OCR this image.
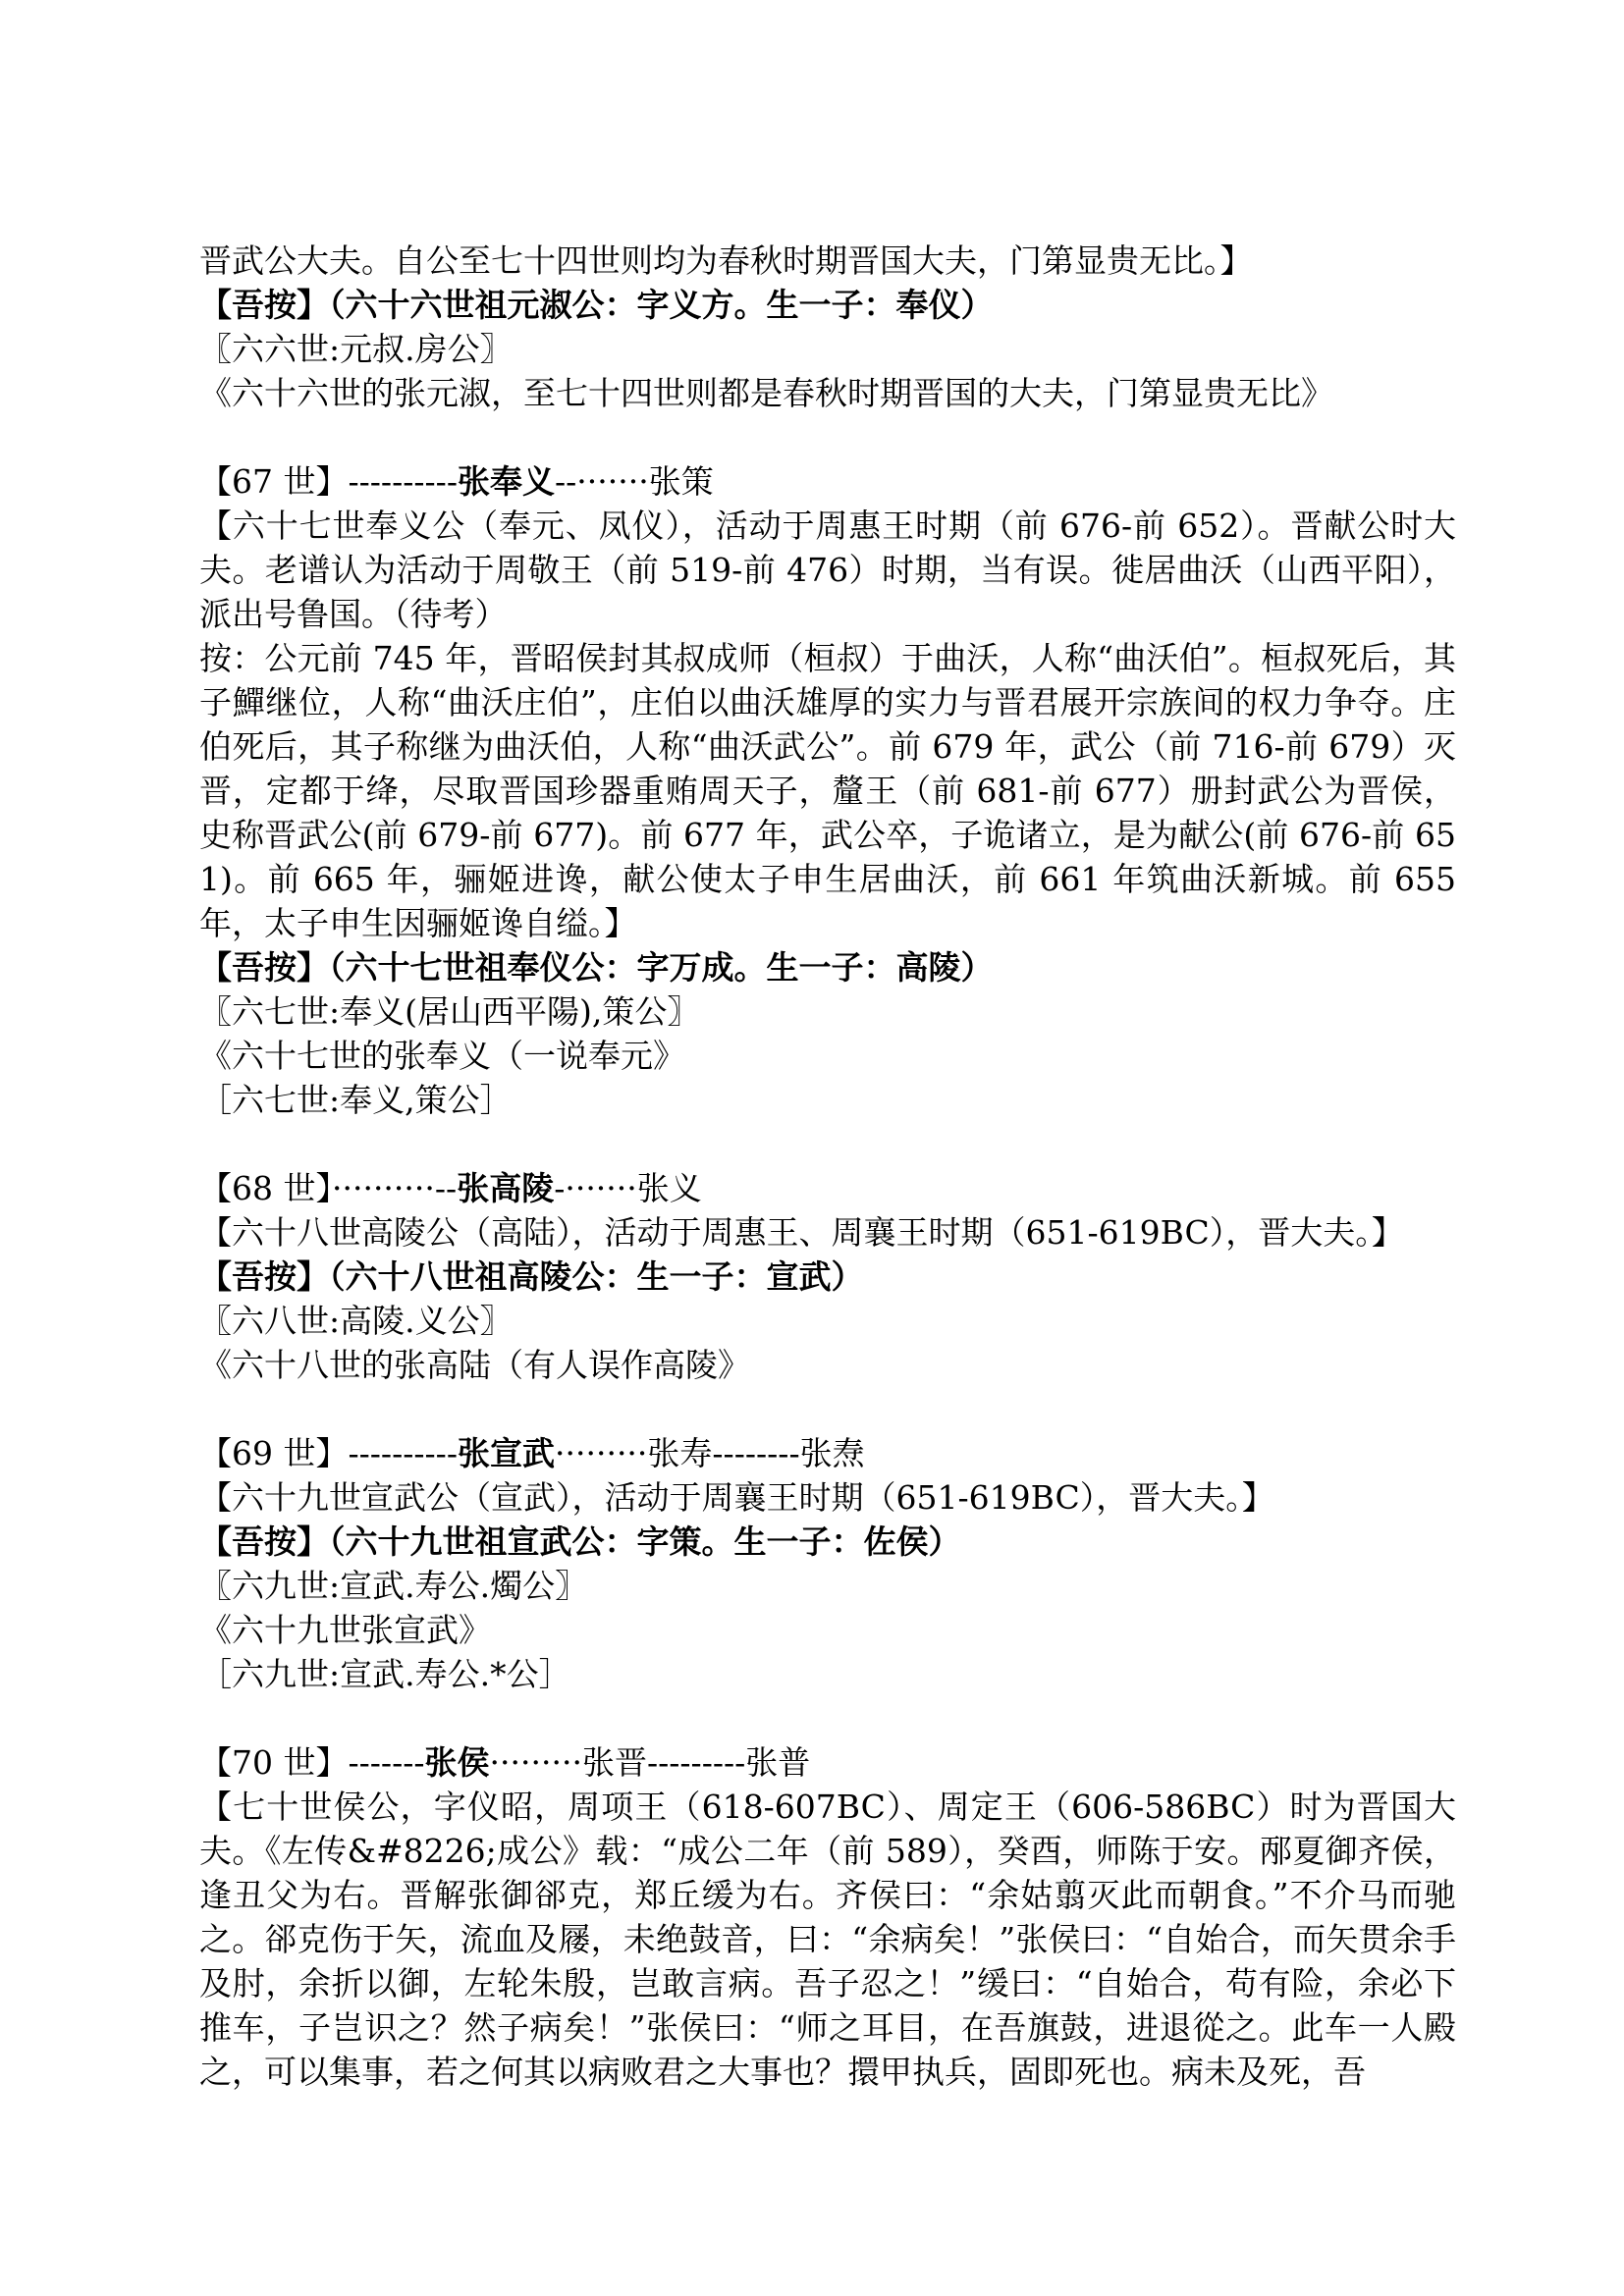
晋武公大夫。自公至七十四世则均为春秋时期晋国大夫，门第显贵无比。】
【吾按】（六十六世祖元淑公：字义方。生一子：奉仪）
〖六六世:元叔.房公〗
《六十六世的张元淑，至七十四世则都是春秋时期晋国的大夫，门第显贵无比》
【67 世】----------张奉义--·······张策
【六十七世奉义公（奉元、凤仪），活动于周惠王时期（前 676-前 652）。晋献公时大夫。老谱认为活动于周敬王（前 519-前 476）时期，当有误。徙居曲沃（山西平阳），派出号鲁国。（待考）
按：公元前 745 年，晋昭侯封其叔成师（桓叔）于曲沃，人称“曲沃伯”。桓叔死后，其子鱓继位，人称“曲沃庄伯”，庄伯以曲沃雄厚的实力与晋君展开宗族间的权力争夺。庄伯死后，其子称继为曲沃伯，人称“曲沃武公”。前 679 年，武公（前 716-前 679）灭晋，定都于绛，尽取晋国珍器重贿周天子，釐王（前 681-前 677）册封武公为晋侯，史称晋武公(前 679-前 677)。前 677 年，武公卒，子诡诸立，是为献公(前 676-前 651)。前 665 年，骊姬进谗，献公使太子申生居曲沃，前 661 年筑曲沃新城。前 655 年，太子申生因骊姬谗自缢。】
【吾按】（六十七世祖奉仪公：字万成。生一子：高陵）
〖六七世:奉义(居山西平陽),策公〗
《六十七世的张奉义（一说奉元》
［六七世:奉义,策公］
【68 世】··········--张高陵-·······张义
【六十八世高陵公（高陆），活动于周惠王、周襄王时期（651-619BC），晋大夫。】
【吾按】（六十八世祖高陵公：生一子：宣武）
〖六八世:高陵.义公〗
《六十八世的张高陆（有人误作高陵》
【69 世】----------张宣武·········张寿--------张焘
【六十九世宣武公（宣武），活动于周襄王时期（651-619BC），晋大夫。】
【吾按】（六十九世祖宣武公：字策。生一子：佐侯）
〖六九世:宣武.寿公.燭公〗
《六十九世张宣武》
［六九世:宣武.寿公.*公］
【70 世】-------张侯·········张晋---------张普
【七十世侯公，字仪昭，周项王（618-607BC）、周定王（606-586BC）时为晋国大夫。《左传&#8226;成公》载：“成公二年（前 589），癸酉，师陈于安。邴夏御齐侯，逢丑父为右。晋解张御郤克，郑丘缓为右。齐侯曰：“余姑翦灭此而朝食。”不介马而驰之。郤克伤于矢，流血及屦，未绝鼓音，曰：“余病矣！”张侯曰：“自始合，而矢贯余手及肘，余折以御，左轮朱殷，岂敢言病。吾子忍之！”缓曰：“自始合，苟有险，余必下推车，子岂识之？然子病矣！”张侯曰：“师之耳目，在吾旗鼓，进退從之。此车一人殿之，可以集事，若之何其以病败君之大事也？擐甲执兵，固即死也。病未及死，吾
